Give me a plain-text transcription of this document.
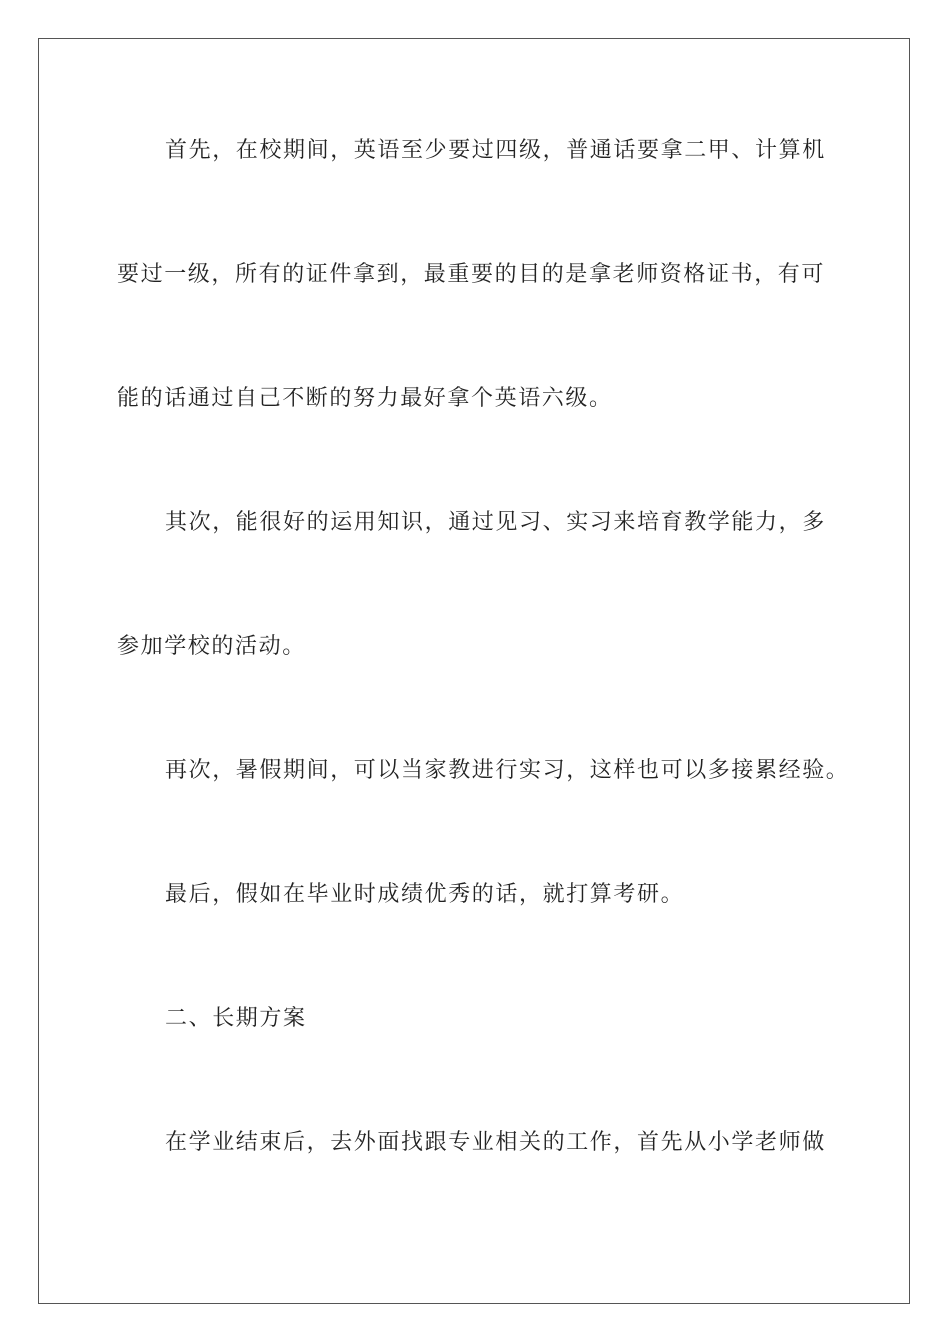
首先，在校期间，英语至少要过四级，普通话要拿二甲、计算机
要过一级，所有的证件拿到，最重要的目的是拿老师资格证书，有可
能的话通过自己不断的努力最好拿个英语六级。
其次，能很好的运用知识，通过见习、实习来培育教学能力，多
参加学校的活动。
再次，暑假期间，可以当家教进行实习，这样也可以多接累经验。
最后，假如在毕业时成绩优秀的话，就打算考研。
二、长期方案
在学业结束后，去外面找跟专业相关的工作，首先从小学老师做
